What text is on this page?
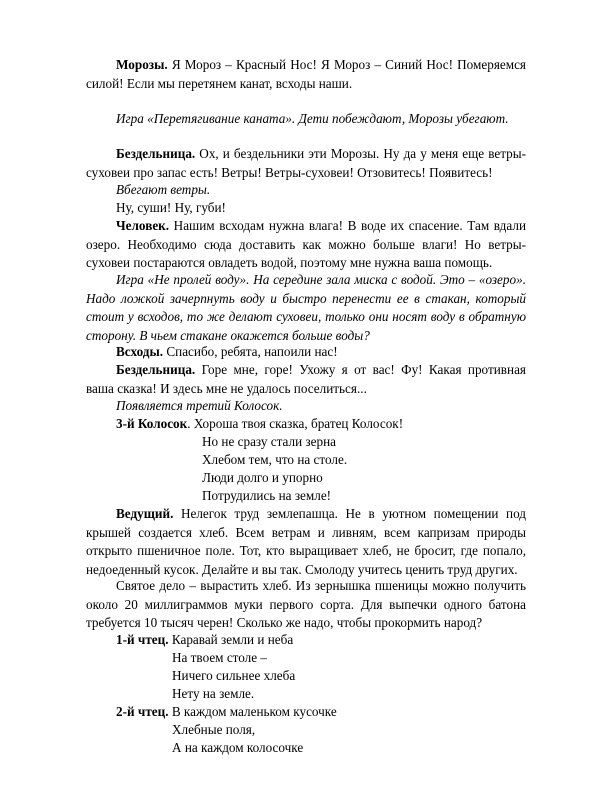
Морозы. Я Мороз – Красный Нос! Я Мороз – Синий Нос! Померяемся силой! Если мы перетянем канат, всходы наши.

Игра «Перетягивание каната». Дети побеждают, Морозы убегают.

Бездельница. Ох, и бездельники эти Морозы. Ну да у меня еще ветры-суховеи про запас есть! Ветры! Ветры-суховеи! Отзовитесь! Появитесь!

Вбегают ветры.

Ну, суши! Ну, губи!

Человек. Нашим всходам нужна влага! В воде их спасение. Там вдали озеро. Необходимо сюда доставить как можно больше влаги! Но ветры-суховеи постараются овладеть водой, поэтому мне нужна ваша помощь.

Игра «Не пролей воду». На середине зала миска с водой. Это – «озеро». Надо ложкой зачерпнуть воду и быстро перенести ее в стакан, который стоит у всходов, то же делают суховеи, только они носят воду в обратную сторону. В чьем стакане окажется больше воды?

Всходы. Спасибо, ребята, напоили нас!

Бездельница. Горе мне, горе! Ухожу я от вас! Фу! Какая противная ваша сказка! И здесь мне не удалось поселиться...

Появляется третий Колосок.

3-й Колосок. Хороша твоя сказка, братец Колосок!

Но не сразу стали зерна

Хлебом тем, что на столе.

Люди долго и упорно

Потрудились на земле!

Ведущий. Нелегок труд землепашца. Не в уютном помещении под крышей создается хлеб. Всем ветрам и ливням, всем капризам природы открыто пшеничное поле. Тот, кто выращивает хлеб, не бросит, где попало, недоеденный кусок. Делайте и вы так. Смолоду учитесь ценить труд других.

Святое дело – вырастить хлеб. Из зернышка пшеницы можно получить около 20 миллиграммов муки первого сорта. Для выпечки одного батона требуется 10 тысяч черен! Сколько же надо, чтобы прокормить народ?

1-й чтец. Каравай земли и неба

На твоем столе –

Ничего сильнее хлеба

Нету на земле.

2-й чтец. В каждом маленьком кусочке

Хлебные поля,

А на каждом колосочке
